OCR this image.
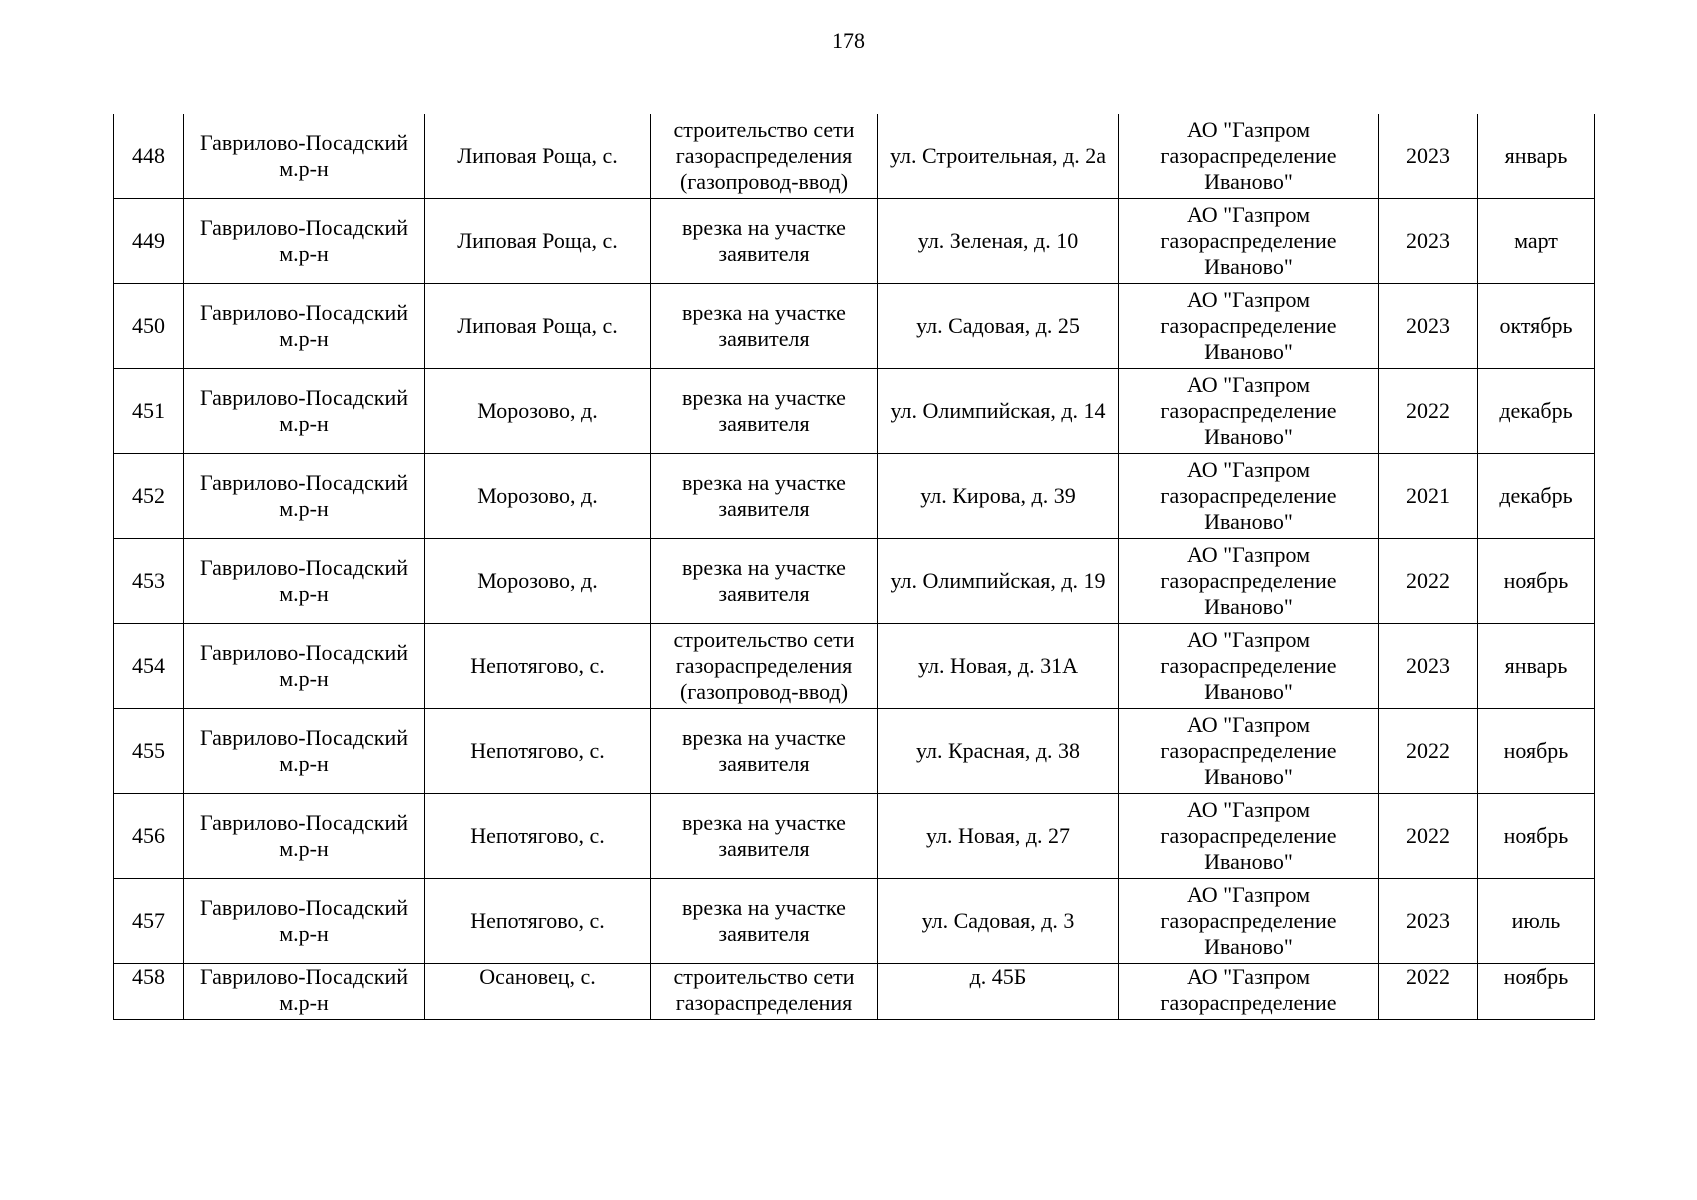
178
448	Гаврилово-Посадский м.р-н	Липовая Роща, с.	строительство сети газораспределения (газопровод-ввод)	ул. Строительная, д. 2а	АО "Газпром газораспределение Иваново"	2023	январь
449	Гаврилово-Посадский м.р-н	Липовая Роща, с.	врезка на участке заявителя	ул. Зеленая, д. 10	АО "Газпром газораспределение Иваново"	2023	март
450	Гаврилово-Посадский м.р-н	Липовая Роща, с.	врезка на участке заявителя	ул. Садовая, д. 25	АО "Газпром газораспределение Иваново"	2023	октябрь
451	Гаврилово-Посадский м.р-н	Морозово, д.	врезка на участке заявителя	ул. Олимпийская, д. 14	АО "Газпром газораспределение Иваново"	2022	декабрь
452	Гаврилово-Посадский м.р-н	Морозово, д.	врезка на участке заявителя	ул. Кирова, д. 39	АО "Газпром газораспределение Иваново"	2021	декабрь
453	Гаврилово-Посадский м.р-н	Морозово, д.	врезка на участке заявителя	ул. Олимпийская, д. 19	АО "Газпром газораспределение Иваново"	2022	ноябрь
454	Гаврилово-Посадский м.р-н	Непотягово, с.	строительство сети газораспределения (газопровод-ввод)	ул. Новая, д. 31А	АО "Газпром газораспределение Иваново"	2023	январь
455	Гаврилово-Посадский м.р-н	Непотягово, с.	врезка на участке заявителя	ул. Красная, д. 38	АО "Газпром газораспределение Иваново"	2022	ноябрь
456	Гаврилово-Посадский м.р-н	Непотягово, с.	врезка на участке заявителя	ул. Новая, д. 27	АО "Газпром газораспределение Иваново"	2022	ноябрь
457	Гаврилово-Посадский м.р-н	Непотягово, с.	врезка на участке заявителя	ул. Садовая, д. 3	АО "Газпром газораспределение Иваново"	2023	июль
458	Гаврилово-Посадский м.р-н	Осановец, с.	строительство сети газораспределения	д. 45Б	АО "Газпром газораспределение	2022	ноябрь
